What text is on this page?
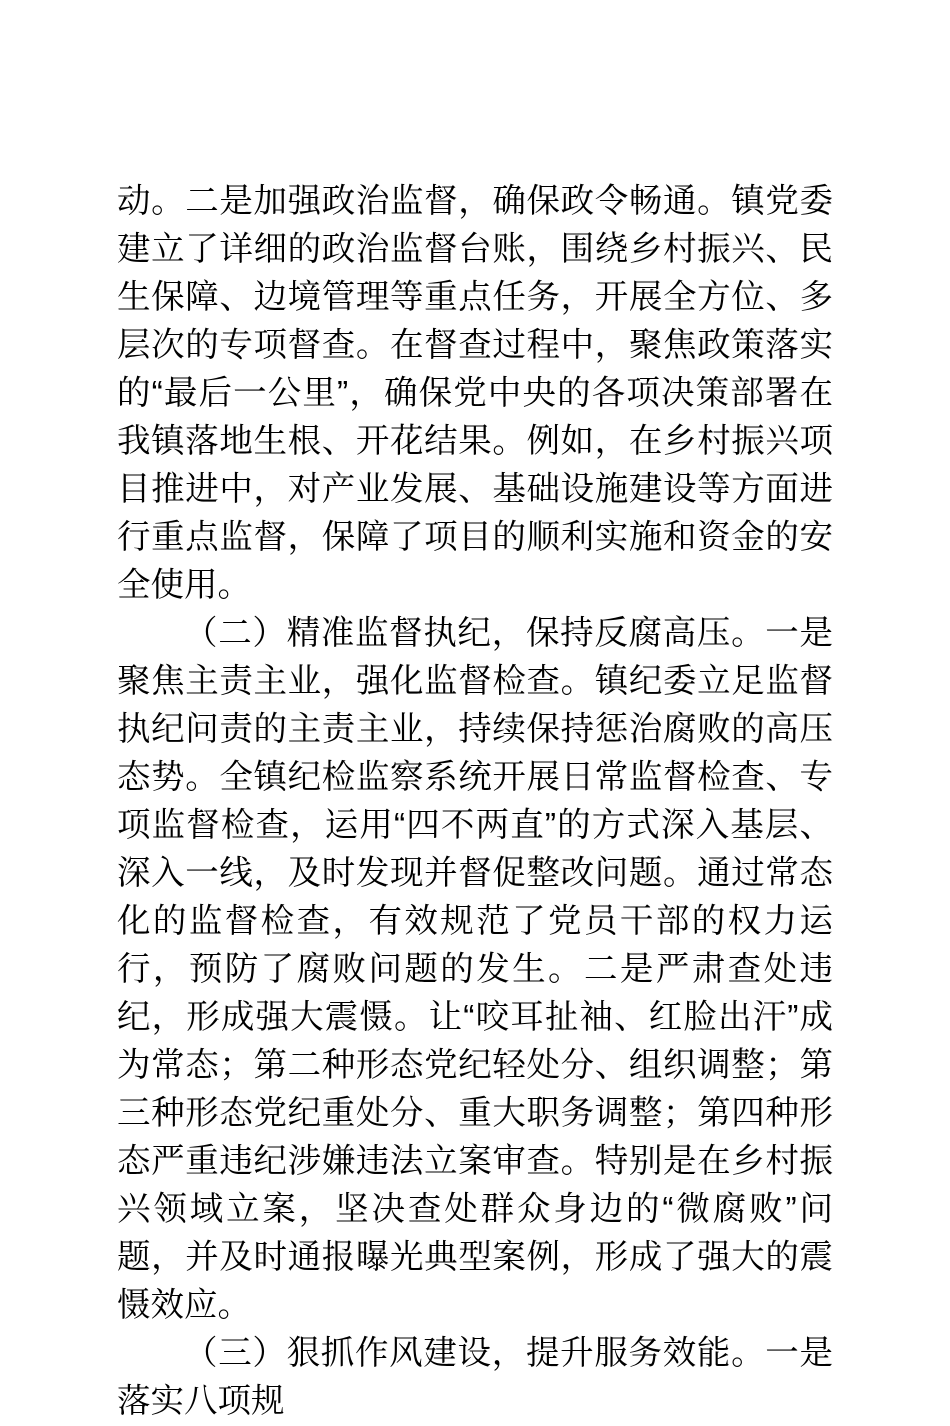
动。二是加强政治监督，确保政令畅通。镇党委建立了详细的政治监督台账，围绕乡村振兴、民生保障、边境管理等重点任务，开展全方位、多层次的专项督查。在督查过程中，聚焦政策落实的“最后一公里”，确保党中央的各项决策部署在我镇落地生根、开花结果。例如，在乡村振兴项目推进中，对产业发展、基础设施建设等方面进行重点监督，保障了项目的顺利实施和资金的安全使用。

（二）精准监督执纪，保持反腐高压。一是聚焦主责主业，强化监督检查。镇纪委立足监督执纪问责的主责主业，持续保持惩治腐败的高压态势。全镇纪检监察系统开展日常监督检查、专项监督检查，运用“四不两直”的方式深入基层、深入一线，及时发现并督促整改问题。通过常态化的监督检查，有效规范了党员干部的权力运行，预防了腐败问题的发生。二是严肃查处违纪，形成强大震慑。让“咬耳扯袖、红脸出汗”成为常态；第二种形态党纪轻处分、组织调整；第三种形态党纪重处分、重大职务调整；第四种形态严重违纪涉嫌违法立案审查。特别是在乡村振兴领域立案，坚决查处群众身边的“微腐败”问题，并及时通报曝光典型案例，形成了强大的震慑效应。

（三）狠抓作风建设，提升服务效能。一是落实八项规
